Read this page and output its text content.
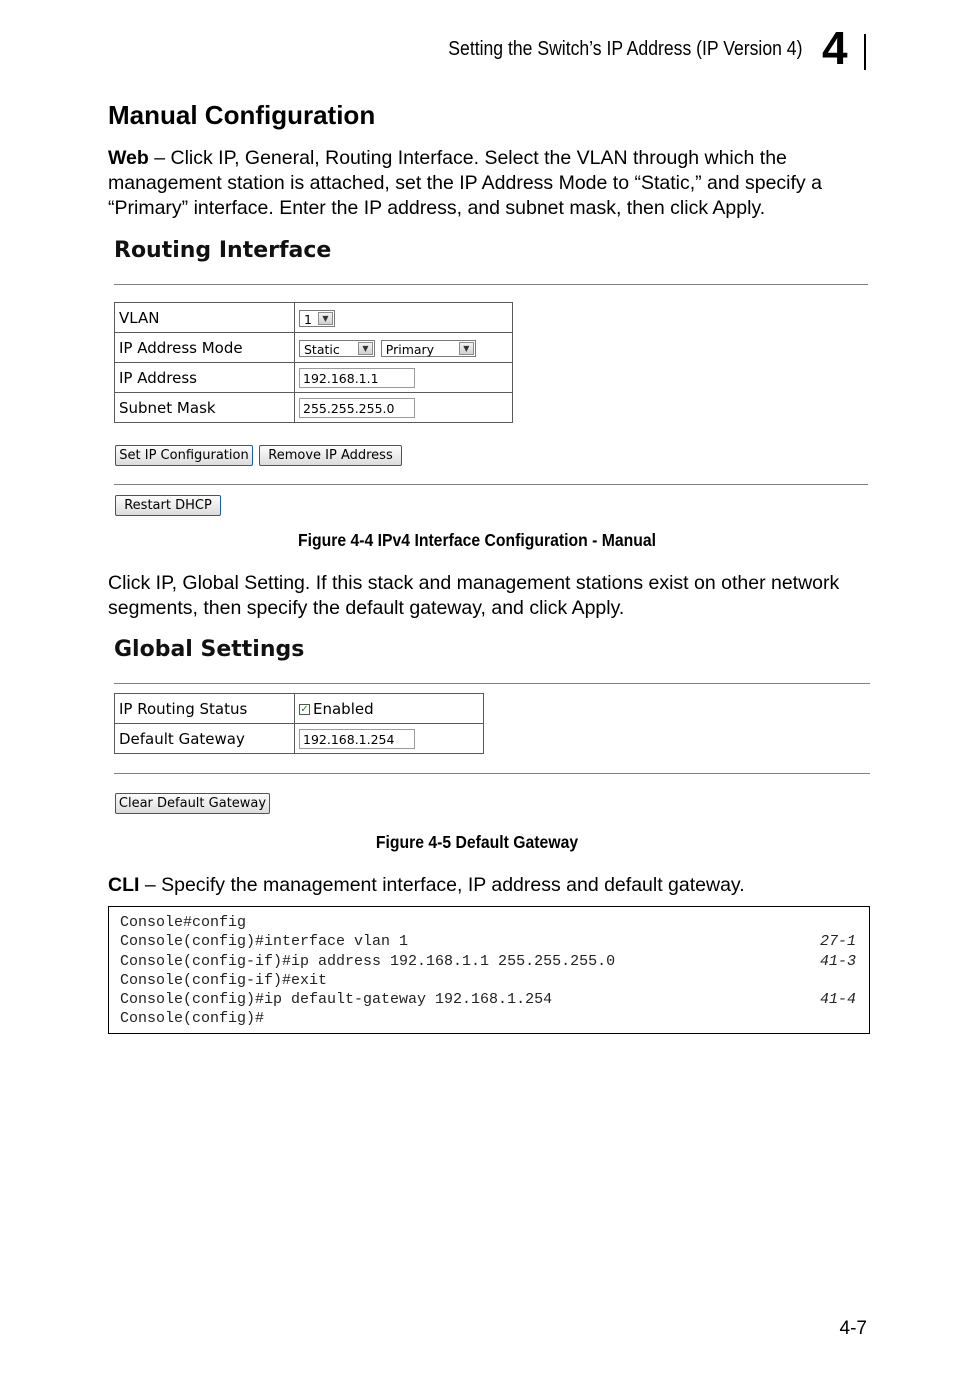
Setting the Switch’s IP Address (IP Version 4) 4
Manual Configuration
Web – Click IP, General, Routing Interface. Select the VLAN through which the management station is attached, set the IP Address Mode to “Static,” and specify a “Primary” interface. Enter the IP address, and subnet mask, then click Apply.
Routing Interface
VLAN	1 ▼

IP Address Mode	Static ▼ Primary ▼

IP Address	192.168.1.1
Subnet Mask	255.255.255.0
Set IP Configuration	Remove IP Address
Restart DHCP
Figure 4-4 IPv4 Interface Configuration - Manual
Click IP, Global Setting. If this stack and management stations exist on other network segments, then specify the default gateway, and click Apply.
Global Settings
IP Routing Status	✓ Enabled
Default Gateway	192.168.1.254
Clear Default Gateway
Figure 4-5 Default Gateway
CLI – Specify the management interface, IP address and default gateway.
Console#config
Console(config)#interface vlan 1	27-1
Console(config-if)#ip address 192.168.1.1 255.255.255.0	41-3
Console(config-if)#exit
Console(config)#ip default-gateway 192.168.1.254	41-4
Console(config)#
4-7
